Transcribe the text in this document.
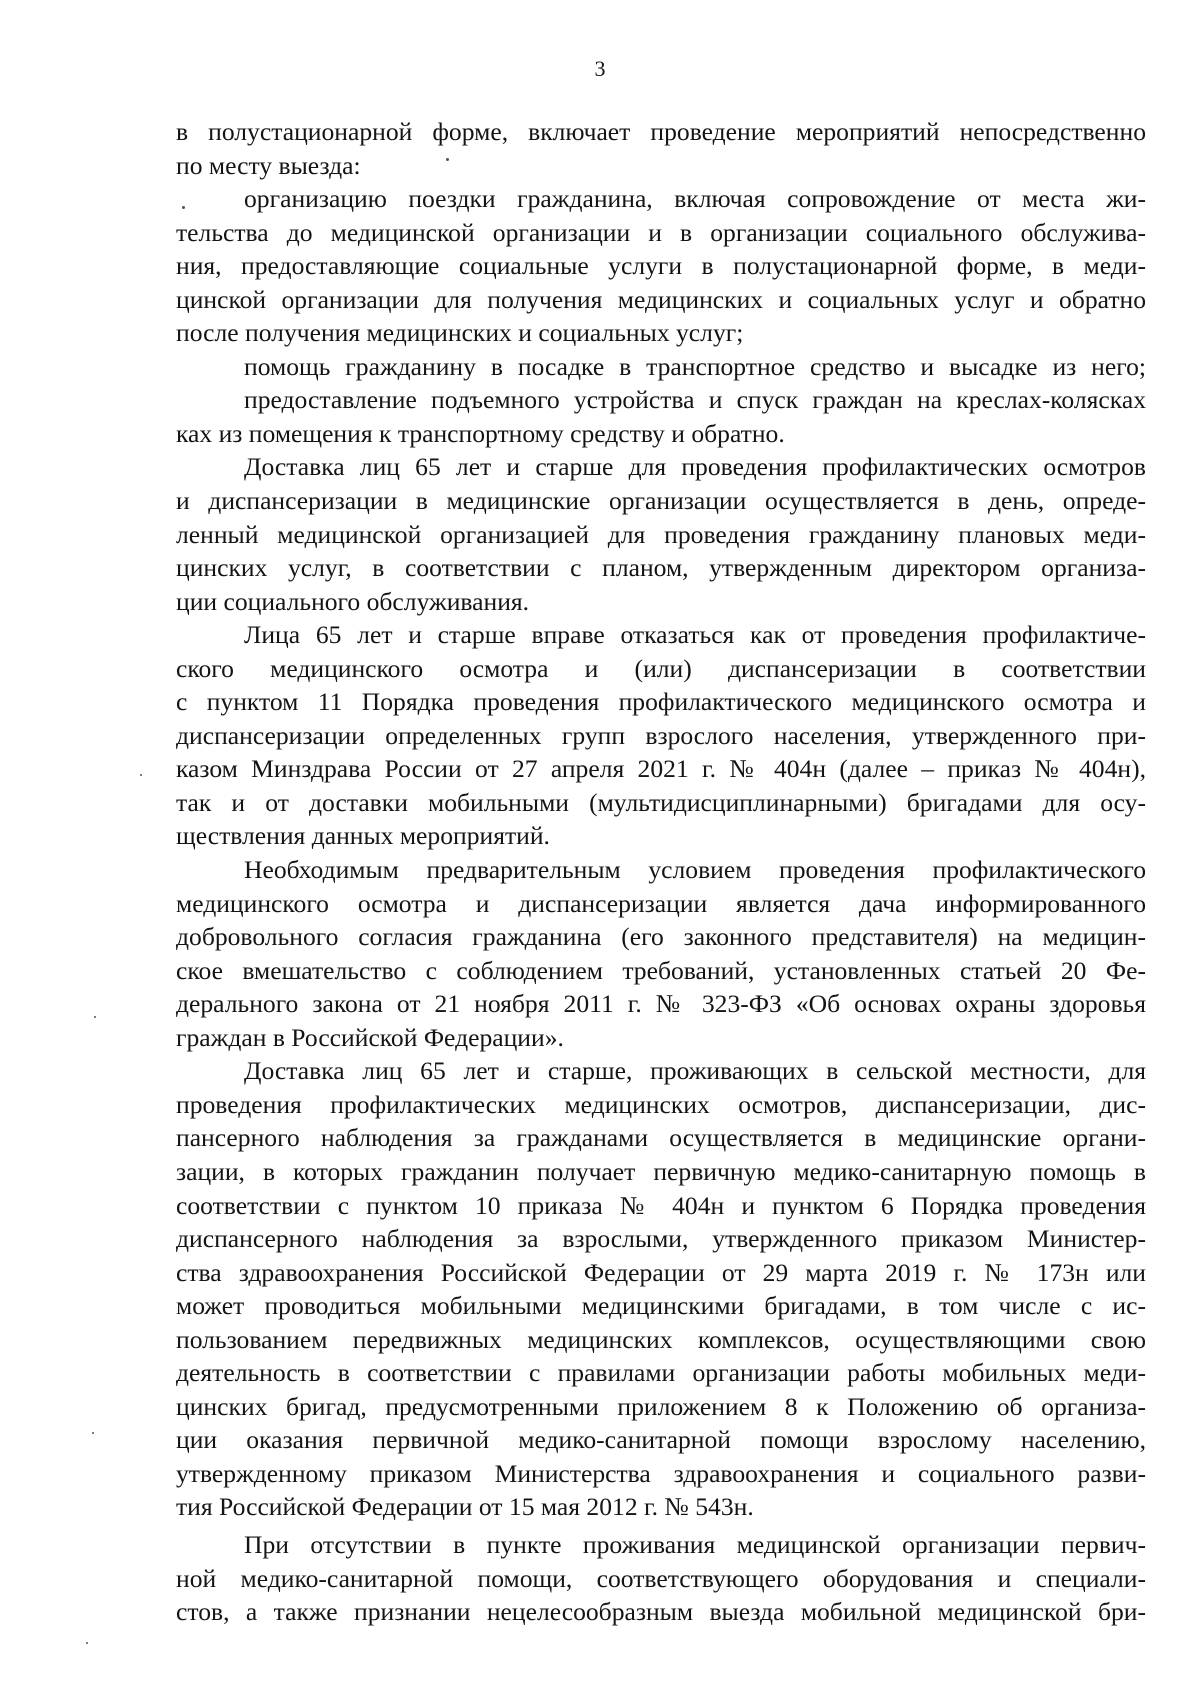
3
в полустационарной форме, включает проведение мероприятий непосредственно
по месту выезда:
организацию поездки гражданина, включая сопровождение от места жи-
тельства до медицинской организации и в организации социального обслужива-
ния, предоставляющие социальные услуги в полустационарной форме, в меди-
цинской организации для получения медицинских и социальных услуг и обратно
после получения медицинских и социальных услуг;
помощь гражданину в посадке в транспортное средство и высадке из него;
предоставление подъемного устройства и спуск граждан на креслах-колясках
ках из помещения к транспортному средству и обратно.
Доставка лиц 65 лет и старше для проведения профилактических осмотров
и диспансеризации в медицинские организации осуществляется в день, опреде-
ленный медицинской организацией для проведения гражданину плановых меди-
цинских услуг, в соответствии с планом, утвержденным директором организа-
ции социального обслуживания.
Лица 65 лет и старше вправе отказаться как от проведения профилактиче-
ского медицинского осмотра и (или) диспансеризации в соответствии
с пунктом 11 Порядка проведения профилактического медицинского осмотра и
диспансеризации определенных групп взрослого населения, утвержденного при-
казом Минздрава России от 27 апреля 2021 г. № 404н (далее – приказ № 404н),
так и от доставки мобильными (мультидисциплинарными) бригадами для осу-
ществления данных мероприятий.
Необходимым предварительным условием проведения профилактического
медицинского осмотра и диспансеризации является дача информированного
добровольного согласия гражданина (его законного представителя) на медицин-
ское вмешательство с соблюдением требований, установленных статьей 20 Фе-
дерального закона от 21 ноября 2011 г. № 323-ФЗ «Об основах охраны здоровья
граждан в Российской Федерации».
Доставка лиц 65 лет и старше, проживающих в сельской местности, для
проведения профилактических медицинских осмотров, диспансеризации, дис-
пансерного наблюдения за гражданами осуществляется в медицинские органи-
зации, в которых гражданин получает первичную медико-санитарную помощь в
соответствии с пунктом 10 приказа № 404н и пунктом 6 Порядка проведения
диспансерного наблюдения за взрослыми, утвержденного приказом Министер-
ства здравоохранения Российской Федерации от 29 марта 2019 г. № 173н или
может проводиться мобильными медицинскими бригадами, в том числе с ис-
пользованием передвижных медицинских комплексов, осуществляющими свою
деятельность в соответствии с правилами организации работы мобильных меди-
цинских бригад, предусмотренными приложением 8 к Положению об организа-
ции оказания первичной медико-санитарной помощи взрослому населению,
утвержденному приказом Министерства здравоохранения и социального разви-
тия Российской Федерации от 15 мая 2012 г. № 543н.
При отсутствии в пункте проживания медицинской организации первич-
ной медико-санитарной помощи, соответствующего оборудования и специали-
стов, а также признании нецелесообразным выезда мобильной медицинской бри-
